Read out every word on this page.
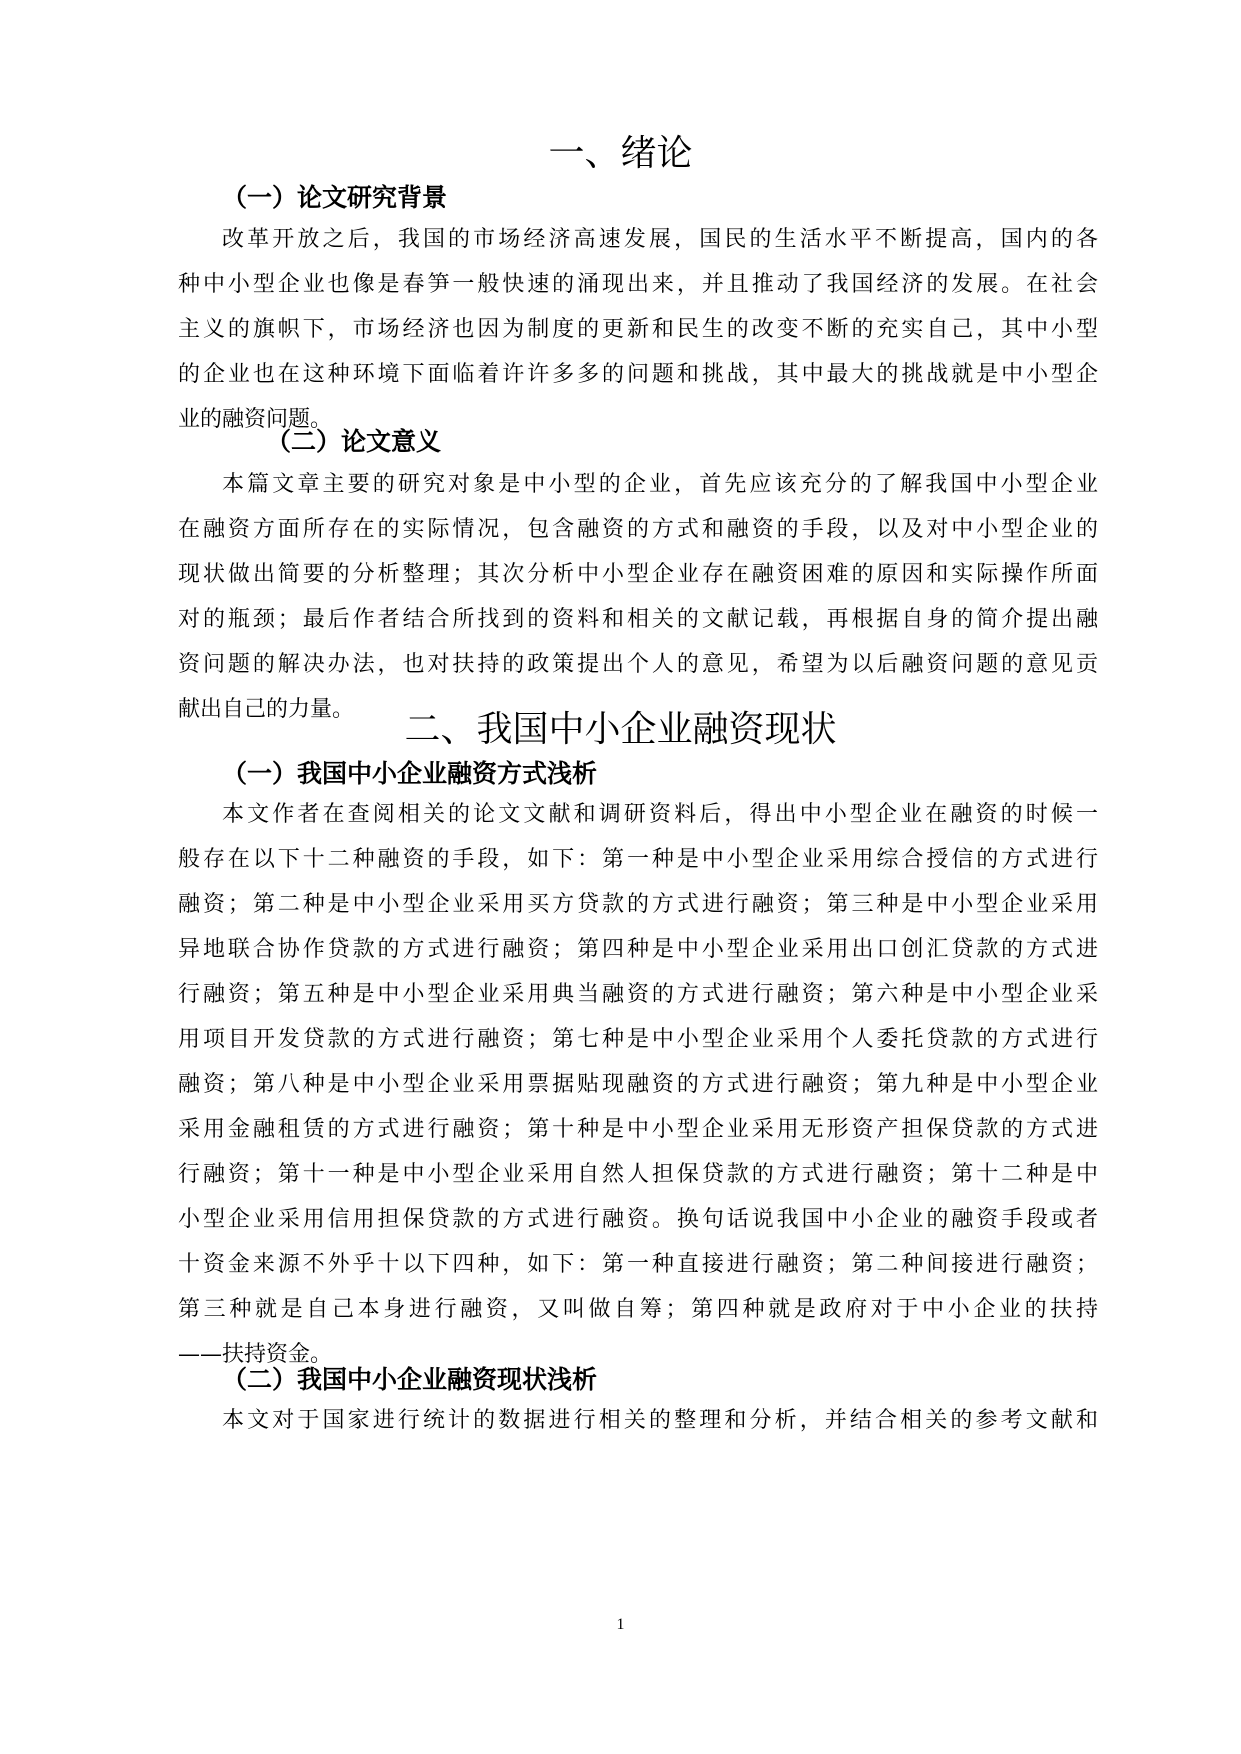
一、绪论
（一）论文研究背景
改革开放之后，我国的市场经济高速发展，国民的生活水平不断提高，国内的各
种中小型企业也像是春笋一般快速的涌现出来，并且推动了我国经济的发展。在社会
主义的旗帜下，市场经济也因为制度的更新和民生的改变不断的充实自己，其中小型
的企业也在这种环境下面临着许许多多的问题和挑战，其中最大的挑战就是中小型企
业的融资问题。
（二）论文意义
本篇文章主要的研究对象是中小型的企业，首先应该充分的了解我国中小型企业
在融资方面所存在的实际情况，包含融资的方式和融资的手段，以及对中小型企业的
现状做出简要的分析整理；其次分析中小型企业存在融资困难的原因和实际操作所面
对的瓶颈；最后作者结合所找到的资料和相关的文献记载，再根据自身的简介提出融
资问题的解决办法，也对扶持的政策提出个人的意见，希望为以后融资问题的意见贡
献出自己的力量。	二、我国中小企业融资现状
（一）我国中小企业融资方式浅析
本文作者在查阅相关的论文文献和调研资料后，得出中小型企业在融资的时候一
般存在以下十二种融资的手段，如下：第一种是中小型企业采用综合授信的方式进行
融资；第二种是中小型企业采用买方贷款的方式进行融资；第三种是中小型企业采用
异地联合协作贷款的方式进行融资；第四种是中小型企业采用出口创汇贷款的方式进
行融资；第五种是中小型企业采用典当融资的方式进行融资；第六种是中小型企业采
用项目开发贷款的方式进行融资；第七种是中小型企业采用个人委托贷款的方式进行
融资；第八种是中小型企业采用票据贴现融资的方式进行融资；第九种是中小型企业
采用金融租赁的方式进行融资；第十种是中小型企业采用无形资产担保贷款的方式进
行融资；第十一种是中小型企业采用自然人担保贷款的方式进行融资；第十二种是中
小型企业采用信用担保贷款的方式进行融资。换句话说我国中小企业的融资手段或者
十资金来源不外乎十以下四种，如下：第一种直接进行融资；第二种间接进行融资；
第三种就是自己本身进行融资，又叫做自筹；第四种就是政府对于中小企业的扶持
——扶持资金。
（二）我国中小企业融资现状浅析
本文对于国家进行统计的数据进行相关的整理和分析，并结合相关的参考文献和
1
